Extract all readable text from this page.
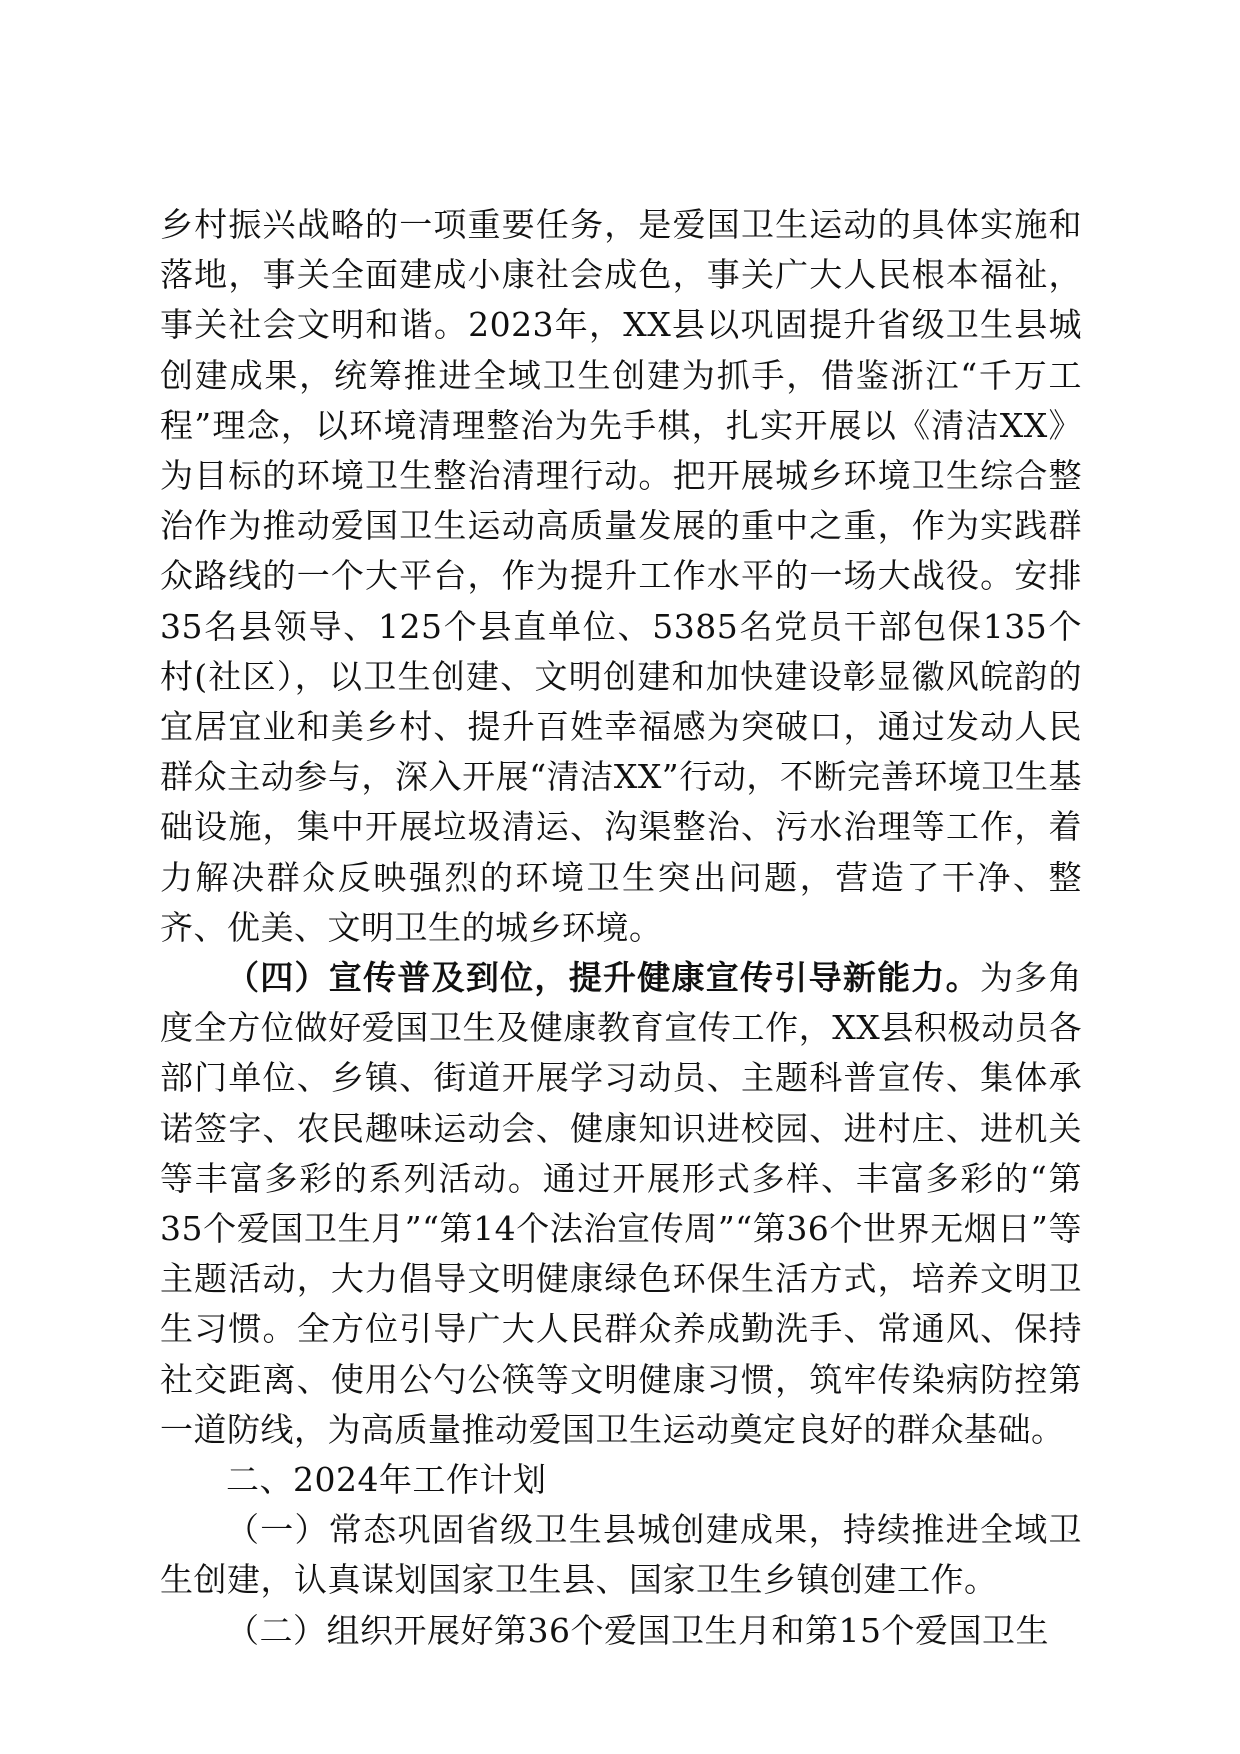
乡村振兴战略的一项重要任务，是爱国卫生运动的具体实施和落地，事关全面建成小康社会成色，事关广大人民根本福祉，事关社会文明和谐。2023年，XX县以巩固提升省级卫生县城创建成果，统筹推进全域卫生创建为抓手，借鉴浙江“千万工程”理念，以环境清理整治为先手棋，扎实开展以《清洁XX》为目标的环境卫生整治清理行动。把开展城乡环境卫生综合整治作为推动爱国卫生运动高质量发展的重中之重，作为实践群众路线的一个大平台，作为提升工作水平的一场大战役。安排35名县领导、125个县直单位、5385名党员干部包保135个村(社区），以卫生创建、文明创建和加快建设彰显徽风皖韵的宜居宜业和美乡村、提升百姓幸福感为突破口，通过发动人民群众主动参与，深入开展“清洁XX”行动，不断完善环境卫生基础设施，集中开展垃圾清运、沟渠整治、污水治理等工作，着力解决群众反映强烈的环境卫生突出问题，营造了干净、整齐、优美、文明卫生的城乡环境。

（四）宣传普及到位，提升健康宣传引导新能力。为多角度全方位做好爱国卫生及健康教育宣传工作，XX县积极动员各部门单位、乡镇、街道开展学习动员、主题科普宣传、集体承诺签字、农民趣味运动会、健康知识进校园、进村庄、进机关等丰富多彩的系列活动。通过开展形式多样、丰富多彩的“第35个爱国卫生月”“第14个法治宣传周”“第36个世界无烟日”等主题活动，大力倡导文明健康绿色环保生活方式，培养文明卫生习惯。全方位引导广大人民群众养成勤洗手、常通风、保持社交距离、使用公勺公筷等文明健康习惯，筑牢传染病防控第一道防线，为高质量推动爱国卫生运动奠定良好的群众基础。

二、2024年工作计划

（一）常态巩固省级卫生县城创建成果，持续推进全域卫生创建，认真谋划国家卫生县、国家卫生乡镇创建工作。

（二）组织开展好第36个爱国卫生月和第15个爱国卫生
